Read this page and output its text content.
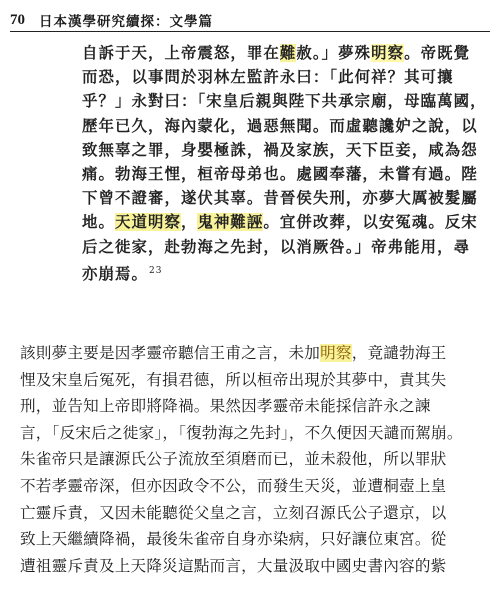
70 日本漢學研究續探：文學篇
自訴于天，上帝震怒，罪在難赦。」夢殊明察。帝既覺
而恐，以事問於羽林左監許永曰：「此何祥？其可攘
乎？」永對曰：「宋皇后親與陛下共承宗廟，母臨萬國，
歷年已久，海內蒙化，過惡無聞。而虛聽讒妒之說，以
致無辜之罪，身嬰極誅，禍及家族，天下臣妾，咸為怨
痛。勃海王悝，桓帝母弟也。處國奉藩，未嘗有過。陛
下曾不證審，遂伏其辜。昔晉侯失刑，亦夢大厲被髮屬
地。天道明察，鬼神難誣。宜併改葬，以安冤魂。反宋
后之徙家，赴勃海之先封，以消厥咎。」帝弗能用，尋
亦崩焉。$^{23}$
該則夢主要是因孝靈帝聽信王甫之言，未加明察，竟譴勃海王
悝及宋皇后冤死，有損君德，所以桓帝出現於其夢中，責其失
刑，並告知上帝即將降禍。果然因孝靈帝未能採信許永之諫
言，「反宋后之徙家」，「復勃海之先封」，不久便因天譴而駕崩。
朱雀帝只是讓源氏公子流放至須磨而已，並未殺他，所以罪狀
不若孝靈帝深，但亦因政令不公，而發生天災，並遭桐壺上皇
亡靈斥責，又因未能聽從父皇之言，立刻召源氏公子還京，以
致上天繼續降禍，最後朱雀帝自身亦染病，只好讓位東宮。從
遭祖靈斥責及上天降災這點而言，大量汲取中國史書內容的紫
